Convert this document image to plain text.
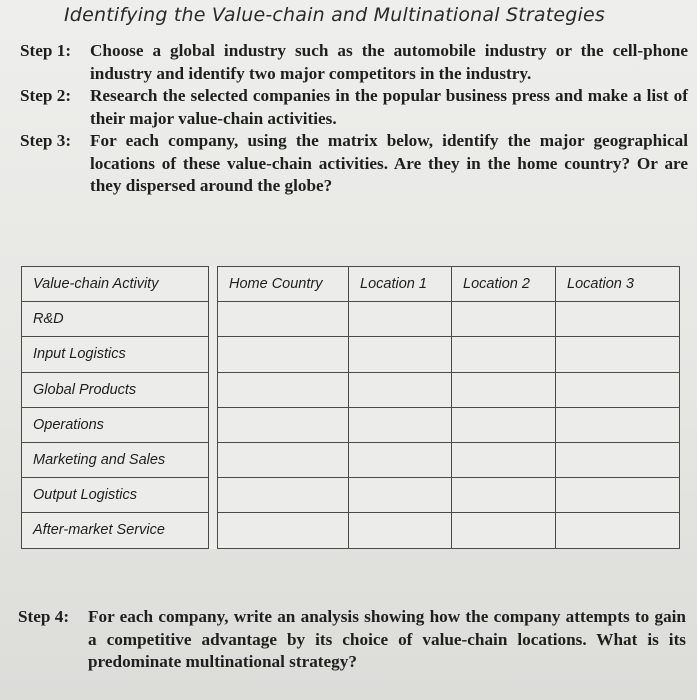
Identifying the Value-chain and Multinational Strategies
Step 1:	Choose a global industry such as the automobile industry or the cell-phone industry and identify two major competitors in the industry.
Step 2:	Research the selected companies in the popular business press and make a list of their major value-chain activities.
Step 3:	For each company, using the matrix below, identify the major geographical locations of these value-chain activities. Are they in the home country? Or are they dispersed around the globe?
Value-chain Activity		Home Country	Location 1	Location 2	Location 3
R&D					
Input Logistics					
Global Products					
Operations					
Marketing and Sales					
Output Logistics					
After-market Service					
Step 4:	For each company, write an analysis showing how the company attempts to gain a competitive advantage by its choice of value-chain locations. What is its predominate multinational strategy?
